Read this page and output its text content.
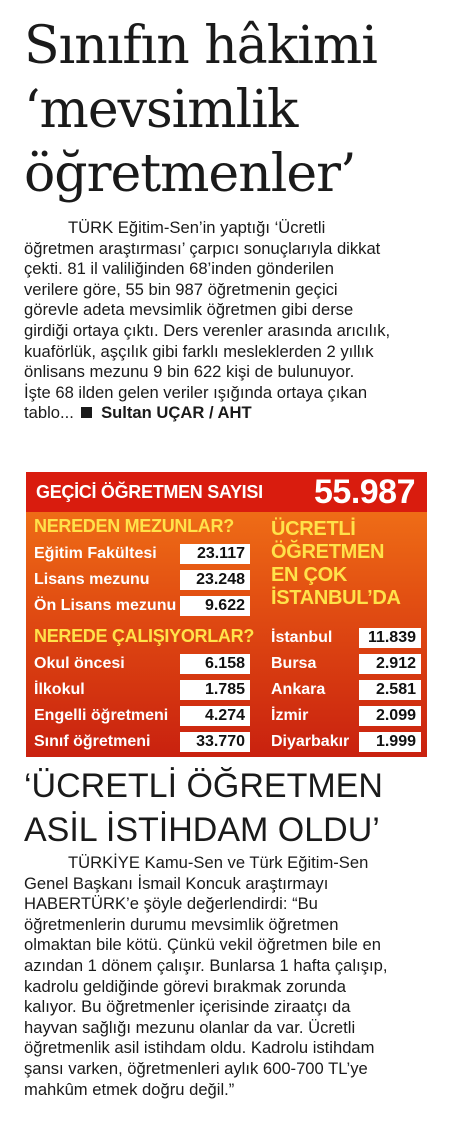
Sınıfın hâkimi
‘mevsimlik
öğretmenler’
TÜRK Eğitim-Sen’in yaptığı ‘Ücretli
öğretmen araştırması’ çarpıcı sonuçlarıyla dikkat
çekti. 81 il valiliğinden 68’inden gönderilen
verilere göre, 55 bin 987 öğretmenin geçici
görevle adeta mevsimlik öğretmen gibi derse
girdiği ortaya çıktı. Ders verenler arasında arıcılık,
kuaförlük, aşçılık gibi farklı mesleklerden 2 yıllık
önlisans mezunu 9 bin 622 kişi de bulunuyor.
İşte 68 ilden gelen veriler ışığında ortaya çıkan
tablo... Sultan UÇAR / AHT
GEÇİCİ ÖĞRETMEN SAYISI 55.987
NEREDEN MEZUNLAR?
Eğitim Fakültesi	23.117
Lisans mezunu	23.248
Ön Lisans mezunu	9.622
NEREDE ÇALIŞIYORLAR?
Okul öncesi	6.158
İlkokul	1.785
Engelli öğretmeni	4.274
Sınıf öğretmeni	33.770
ÜCRETLİ
ÖĞRETMEN
EN ÇOK
İSTANBUL’DA
İstanbul	11.839
Bursa	2.912
Ankara	2.581
İzmir	2.099
Diyarbakır	1.999
‘ÜCRETLİ ÖĞRETMEN
ASİL İSTİHDAM OLDU’
TÜRKİYE Kamu-Sen ve Türk Eğitim-Sen
Genel Başkanı İsmail Koncuk araştırmayı
HABERTÜRK’e şöyle değerlendirdi: “Bu
öğretmenlerin durumu mevsimlik öğretmen
olmaktan bile kötü. Çünkü vekil öğretmen bile en
azından 1 dönem çalışır. Bunlarsa 1 hafta çalışıp,
kadrolu geldiğinde görevi bırakmak zorunda
kalıyor. Bu öğretmenler içerisinde ziraatçı da
hayvan sağlığı mezunu olanlar da var. Ücretli
öğretmenlik asil istihdam oldu. Kadrolu istihdam
şansı varken, öğretmenleri aylık 600-700 TL’ye
mahkûm etmek doğru değil.”
